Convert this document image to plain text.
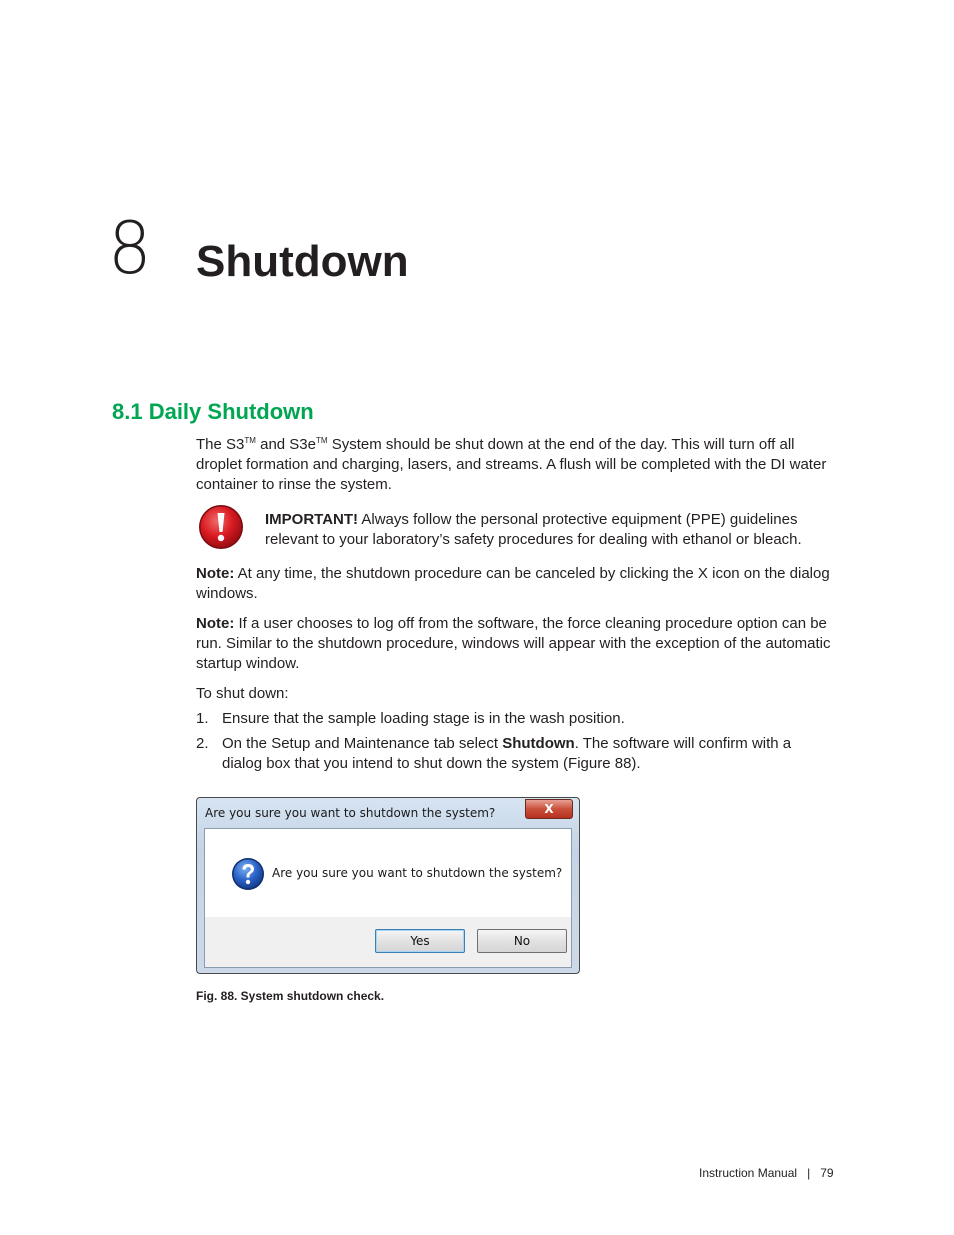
8 Shutdown
8.1 Daily Shutdown

The S3™ and S3e™ System should be shut down at the end of the day. This will turn off all droplet formation and charging, lasers, and streams. A flush will be completed with the DI water container to rinse the system.

IMPORTANT! Always follow the personal protective equipment (PPE) guidelines relevant to your laboratory’s safety procedures for dealing with ethanol or bleach.

Note: At any time, the shutdown procedure can be canceled by clicking the X icon on the dialog windows.

Note: If a user chooses to log off from the software, the force cleaning procedure option can be run. Similar to the shutdown procedure, windows will appear with the exception of the automatic startup window.

To shut down:

1. Ensure that the sample loading stage is in the wash position.

2. On the Setup and Maintenance tab select Shutdown. The software will confirm with a dialog box that you intend to shut down the system (Figure 88).

Are you sure you want to shutdown the system?	X
Are you sure you want to shutdown the system?
Yes	No
Fig. 88. System shutdown check.
Instruction Manual | 79
